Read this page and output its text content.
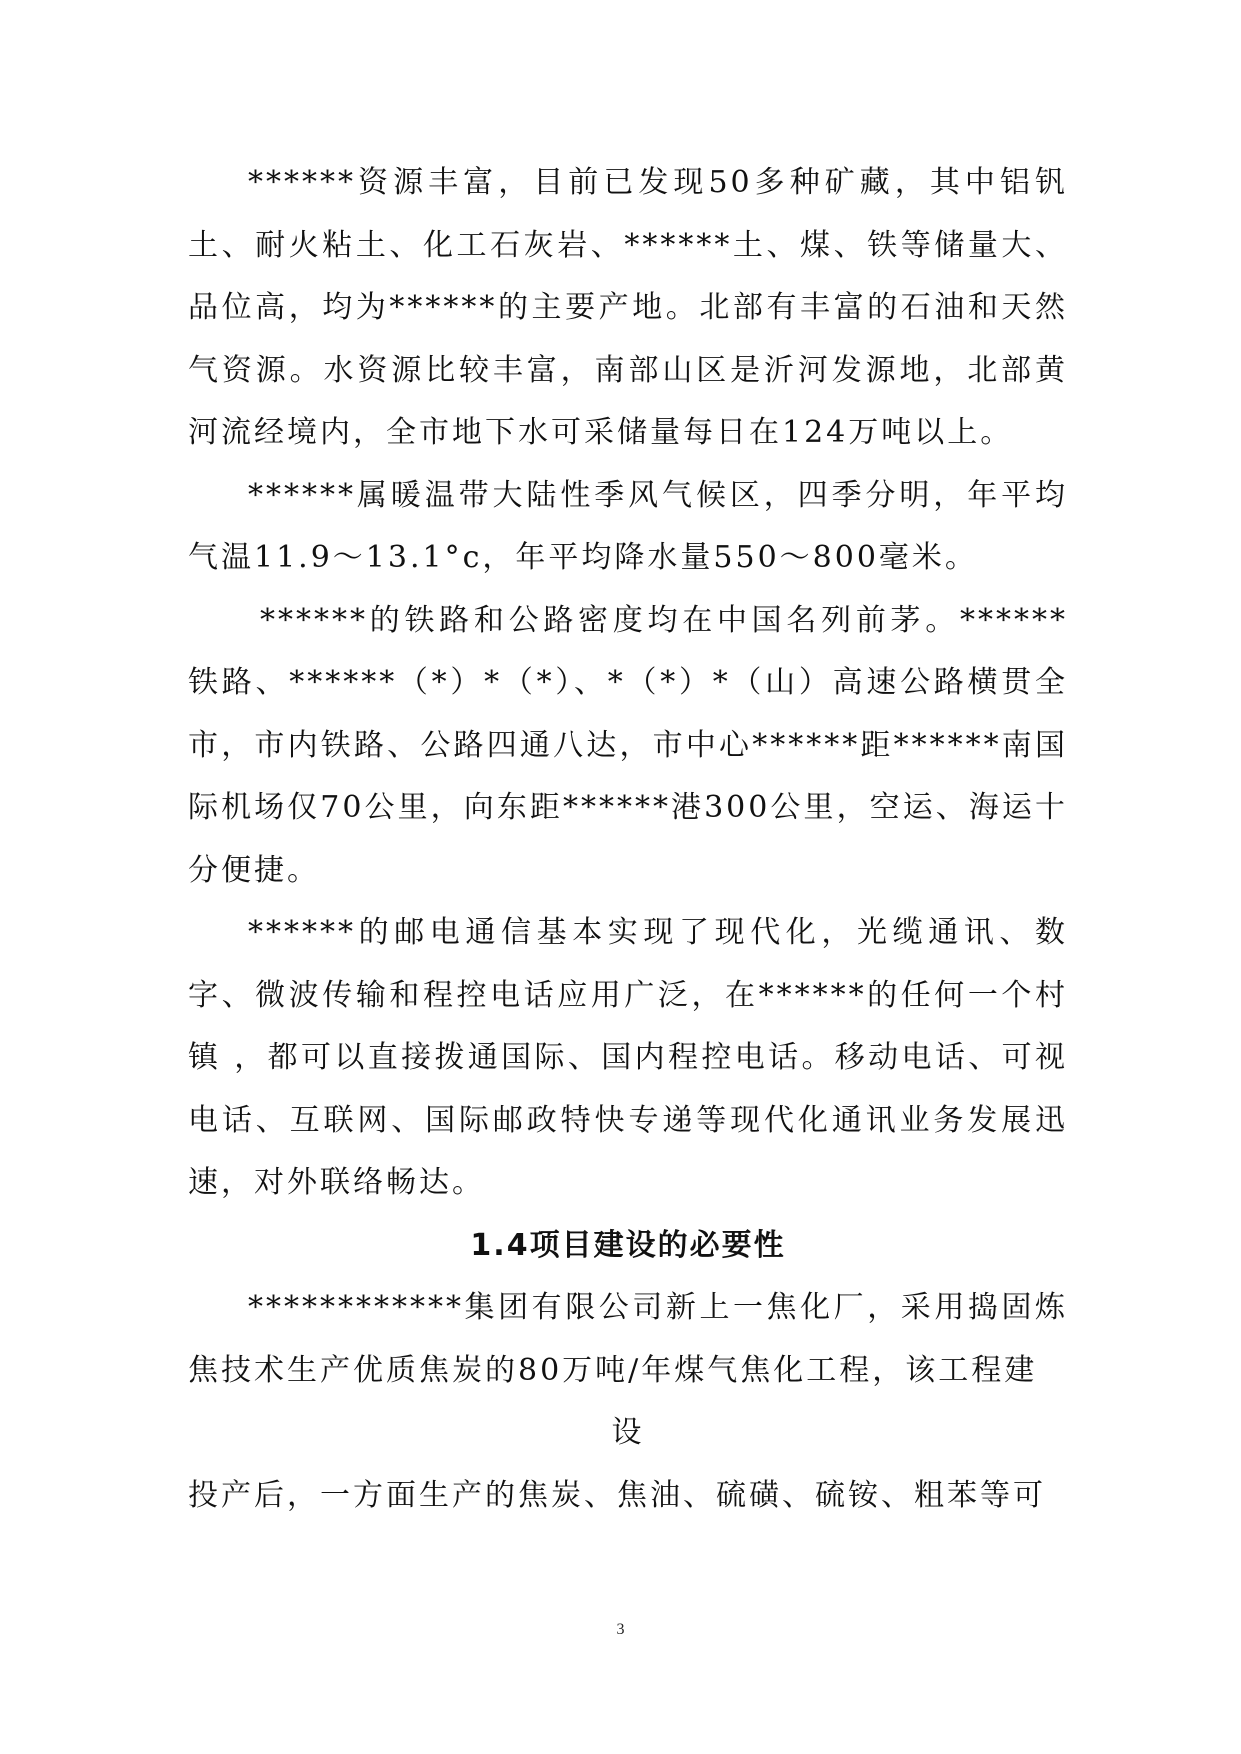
******资源丰富，目前已发现50多种矿藏，其中铝钒土、耐火粘土、化工石灰岩、******土、煤、铁等储量大、品位高，均为******的主要产地。北部有丰富的石油和天然气资源。水资源比较丰富，南部山区是沂河发源地，北部黄河流经境内，全市地下水可采储量每日在124万吨以上。

******属暖温带大陆性季风气候区，四季分明，年平均气温11.9～13.1°c，年平均降水量550～800毫米。

******的铁路和公路密度均在中国名列前茅。******铁路、******（*）*（*）、*（*）*（山）高速公路横贯全市，市内铁路、公路四通八达，市中心******距******南国际机场仅70公里，向东距******港300公里，空运、海运十分便捷。

******的邮电通信基本实现了现代化，光缆通讯、数字、微波传输和程控电话应用广泛，在******的任何一个村镇 ，都可以直接拨通国际、国内程控电话。移动电话、可视电话、互联网、国际邮政特快专递等现代化通讯业务发展迅速，对外联络畅达。

1.4项目建设的必要性

************集团有限公司新上一焦化厂，采用捣固炼焦技术生产优质焦炭的80万吨/年煤气焦化工程，该工程建

设

投产后，一方面生产的焦炭、焦油、硫磺、硫铵、粗苯等可

3
